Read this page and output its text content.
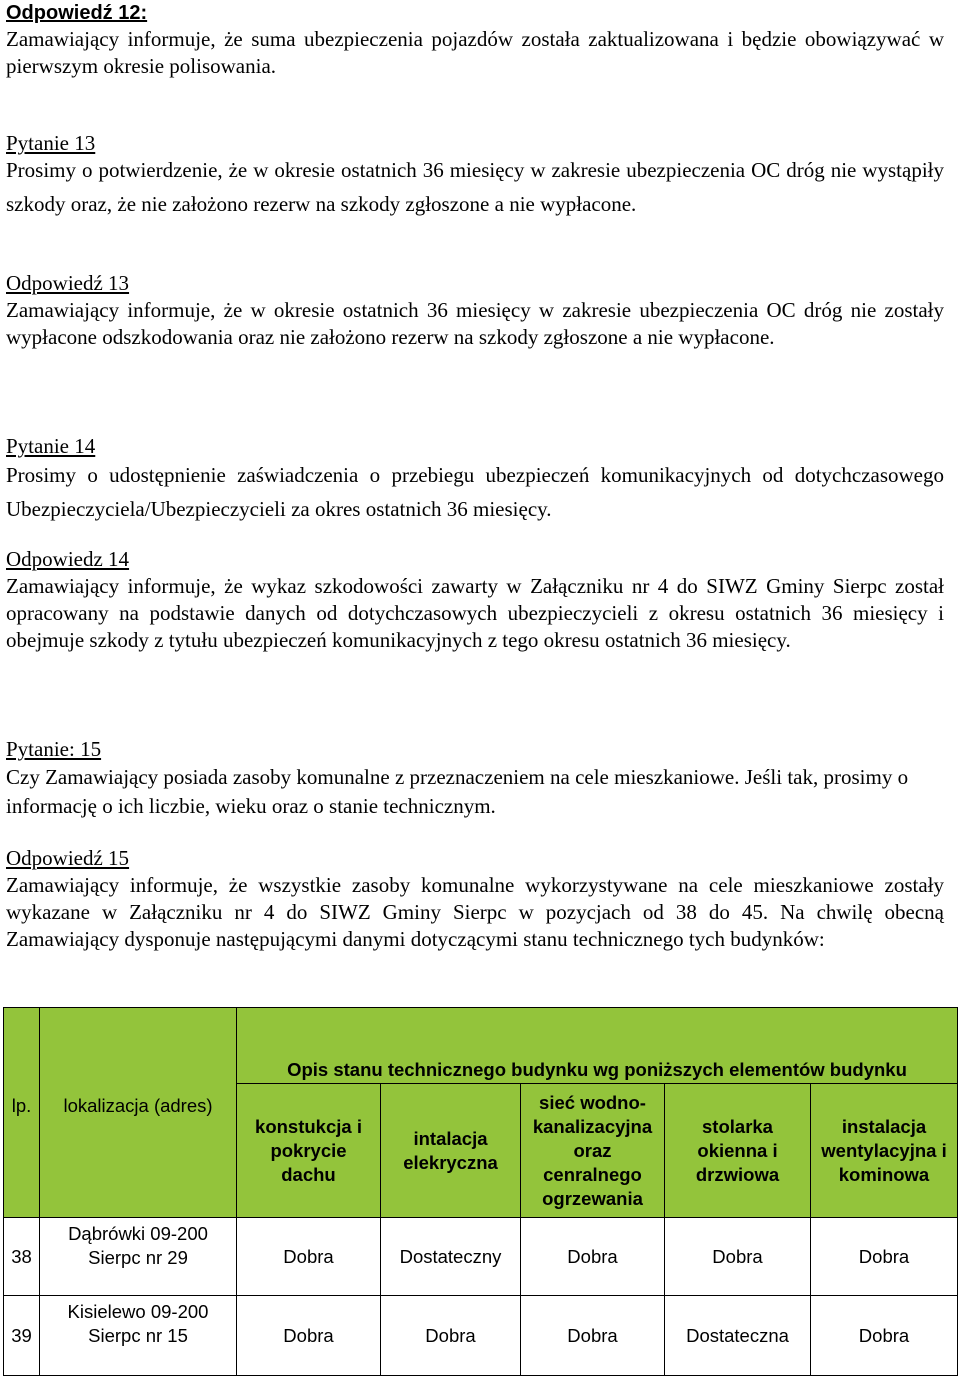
Odpowiedź 12:

Zamawiający informuje, że suma ubezpieczenia pojazdów została zaktualizowana i będzie obowiązywać w pierwszym okresie polisowania.

Pytanie 13

Prosimy o potwierdzenie, że w okresie ostatnich 36 miesięcy w zakresie ubezpieczenia OC dróg nie wystąpiły szkody oraz, że nie założono rezerw na szkody zgłoszone a nie wypłacone.

Odpowiedź 13

Zamawiający informuje, że w okresie ostatnich 36 miesięcy w zakresie ubezpieczenia OC dróg nie zostały wypłacone odszkodowania oraz nie założono rezerw na szkody zgłoszone a nie wypłacone.

Pytanie 14

Prosimy o udostępnienie zaświadczenia o przebiegu ubezpieczeń komunikacyjnych od dotychczasowego Ubezpieczyciela/Ubezpieczycieli za okres ostatnich 36 miesięcy.

Odpowiedz 14

Zamawiający informuje, że wykaz szkodowości zawarty w Załączniku nr 4 do SIWZ Gminy Sierpc został opracowany na podstawie danych od dotychczasowych ubezpieczycieli z okresu ostatnich 36 miesięcy i obejmuje szkody z tytułu ubezpieczeń komunikacyjnych z tego okresu ostatnich 36 miesięcy.

Pytanie: 15

Czy Zamawiający posiada zasoby komunalne z przeznaczeniem na cele mieszkaniowe. Jeśli tak, prosimy o informację o ich liczbie, wieku oraz o stanie technicznym.

Odpowiedź 15

Zamawiający informuje, że wszystkie zasoby komunalne wykorzystywane na cele mieszkaniowe zostały wykazane w Załączniku nr 4 do SIWZ Gminy Sierpc w pozycjach od 38 do 45. Na chwilę obecną Zamawiający dysponuje następującymi danymi dotyczącymi stanu technicznego tych budynków:

		Opis stanu technicznego budynku wg poniższych elementów budynku				

lp.	lokalizacja (adres)	konstukcja i pokrycie dachu	intalacja elekryczna	sieć wodno-kanalizacyjna oraz cenralnego ogrzewania	stolarka okienna i drzwiowa	instalacja wentylacyjna i kominowa
38	Dąbrówki 09-200 Sierpc nr 29	Dobra	Dostateczny	Dobra	Dobra	Dobra
39	Kisielewo 09-200 Sierpc nr 15	Dobra	Dobra	Dobra	Dostateczna	Dobra
